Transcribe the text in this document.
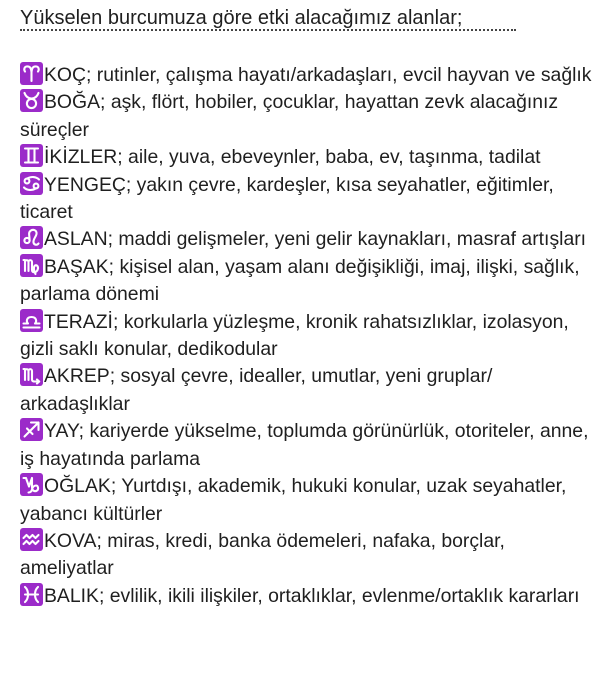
Yükselen burcumuza göre etki alacağımız alanlar;
KOÇ; rutinler, çalışma hayatı/arkadaşları, evcil hayvan ve sağlık
BOĞA; aşk, flört, hobiler, çocuklar, hayattan zevk alacağınız süreçler
İKİZLER; aile, yuva, ebeveynler, baba, ev, taşınma, tadilat
YENGEÇ; yakın çevre, kardeşler, kısa seyahatler, eğitimler, ticaret
ASLAN; maddi gelişmeler, yeni gelir kaynakları, masraf artışları
BAŞAK; kişisel alan, yaşam alanı değişikliği, imaj, ilişki, sağlık, parlama dönemi
TERAZİ; korkularla yüzleşme, kronik rahatsızlıklar, izolasyon, gizli saklı konular, dedikodular
AKREP; sosyal çevre, idealler, umutlar, yeni gruplar/ arkadaşlıklar
YAY; kariyerde yükselme, toplumda görünürlük, otoriteler, anne, iş hayatında parlama
OĞLAK; Yurtdışı, akademik, hukuki konular, uzak seyahatler, yabancı kültürler
KOVA; miras, kredi, banka ödemeleri, nafaka, borçlar, ameliyatlar
BALIK; evlilik, ikili ilişkiler, ortaklıklar, evlenme/ortaklık kararları
